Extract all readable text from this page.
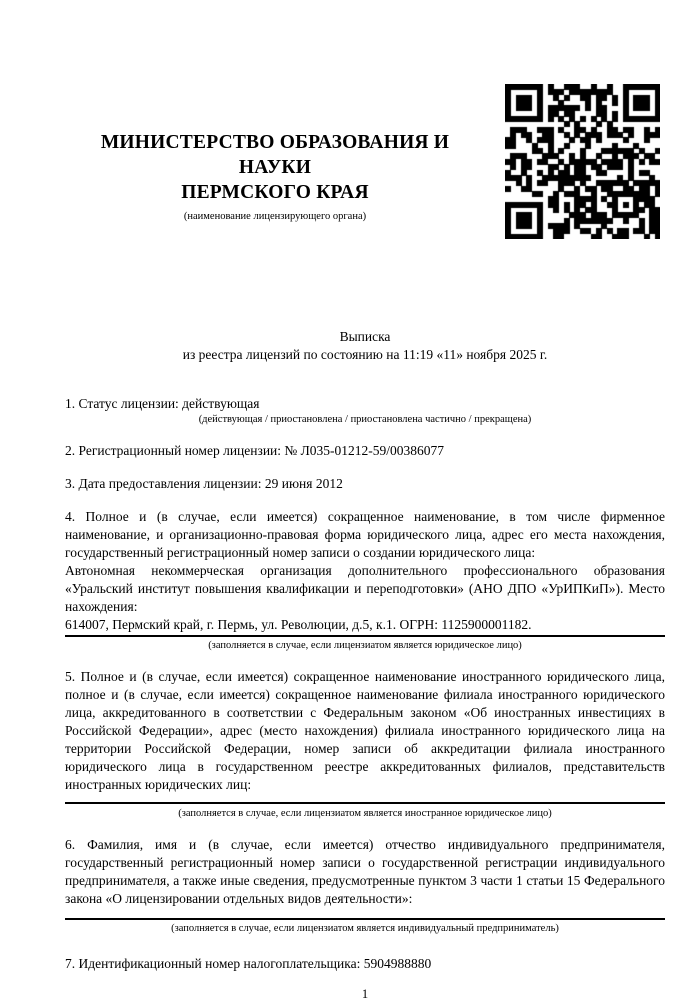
МИНИСТЕРСТВО ОБРАЗОВАНИЯ И НАУКИ
ПЕРМСКОГО КРАЯ
(наименование лицензирующего органа)
Выписка
из реестра лицензий по состоянию на 11:19 «11» ноября 2025 г.
1. Статус лицензии: действующая
(действующая / приостановлена / приостановлена частично / прекращена)
2. Регистрационный номер лицензии: № Л035-01212-59/00386077
3. Дата предоставления лицензии: 29 июня 2012
4. Полное и (в случае, если имеется) сокращенное наименование, в том числе фирменное наименование, и организационно-правовая форма юридического лица, адрес его места нахождения, государственный регистрационный номер записи о создании юридического лица:
Автономная некоммерческая организация дополнительного профессионального образования «Уральский институт повышения квалификации и переподготовки» (АНО ДПО «УрИПКиП»). Место нахождения:
614007, Пермский край, г. Пермь, ул. Революции, д.5, к.1. ОГРН: 1125900001182.
(заполняется в случае, если лицензиатом является юридическое лицо)
5. Полное и (в случае, если имеется) сокращенное наименование иностранного юридического лица, полное и (в случае, если имеется) сокращенное наименование филиала иностранного юридического лица, аккредитованного в соответствии с Федеральным законом «Об иностранных инвестициях в Российской Федерации», адрес (место нахождения) филиала иностранного юридического лица на территории Российской Федерации, номер записи об аккредитации филиала иностранного юридического лица в государственном реестре аккредитованных филиалов, представительств иностранных юридических лиц:
(заполняется в случае, если лицензиатом является иностранное юридическое лицо)
6. Фамилия, имя и (в случае, если имеется) отчество индивидуального предпринимателя, государственный регистрационный номер записи о государственной регистрации индивидуального предпринимателя, а также иные сведения, предусмотренные пунктом 3 части 1 статьи 15 Федерального закона «О лицензировании отдельных видов деятельности»:
(заполняется в случае, если лицензиатом является индивидуальный предприниматель)
7. Идентификационный номер налогоплательщика: 5904988880
1
